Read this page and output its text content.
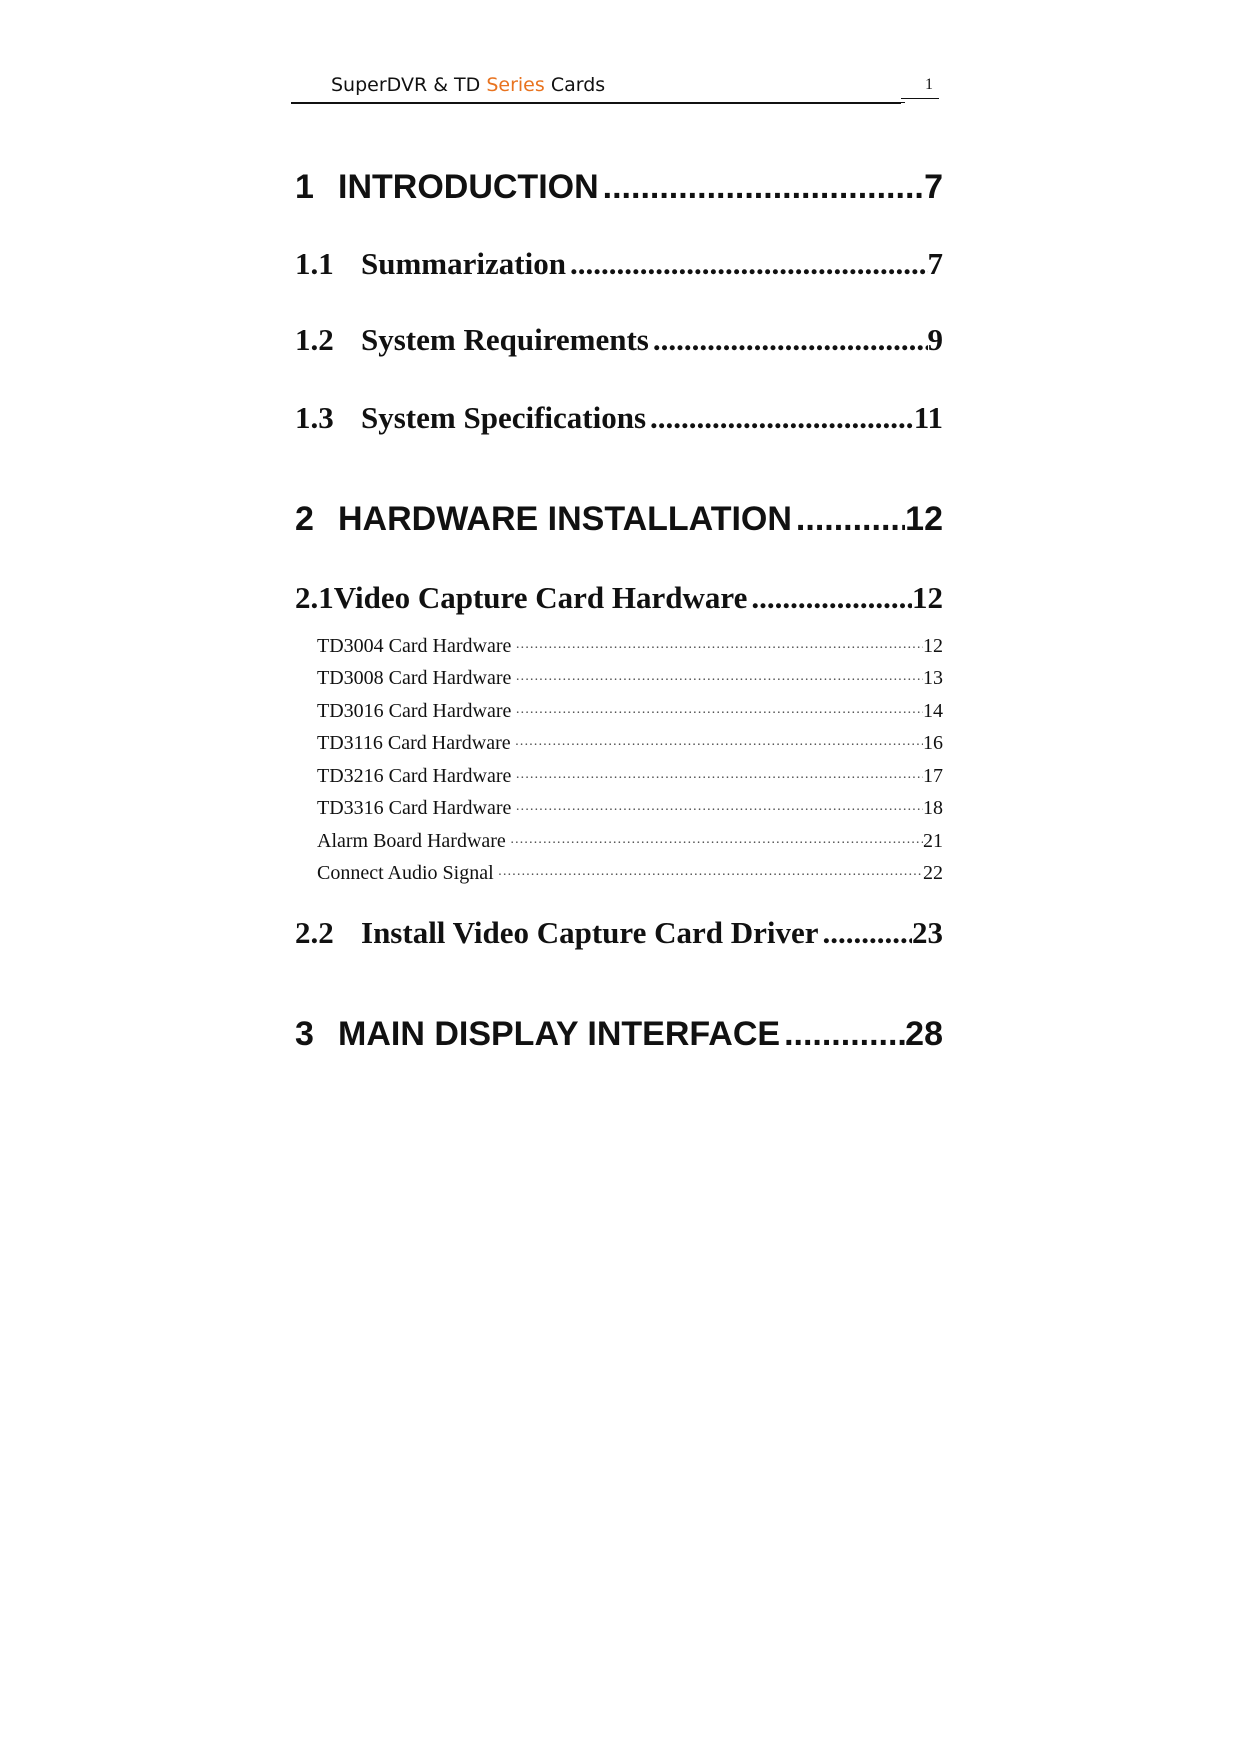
SuperDVR & TD Series Cards	1
1 INTRODUCTION .....	7
1.1 Summarization .....	7
1.2 System Requirements .....	9
1.3 System Specifications .....	11
2 HARDWARE INSTALLATION .....	12
2.1 Video Capture Card Hardware .....	12
TD3004 Card Hardware ·····	12
TD3008 Card Hardware ·····	13
TD3016 Card Hardware ·····	14
TD3116 Card Hardware ·····	16
TD3216 Card Hardware ·····	17
TD3316 Card Hardware ·····	18
Alarm Board Hardware ·····	21
Connect Audio Signal ·····	22
2.2 Install Video Capture Card Driver .....	23
3 MAIN DISPLAY INTERFACE .....	28
